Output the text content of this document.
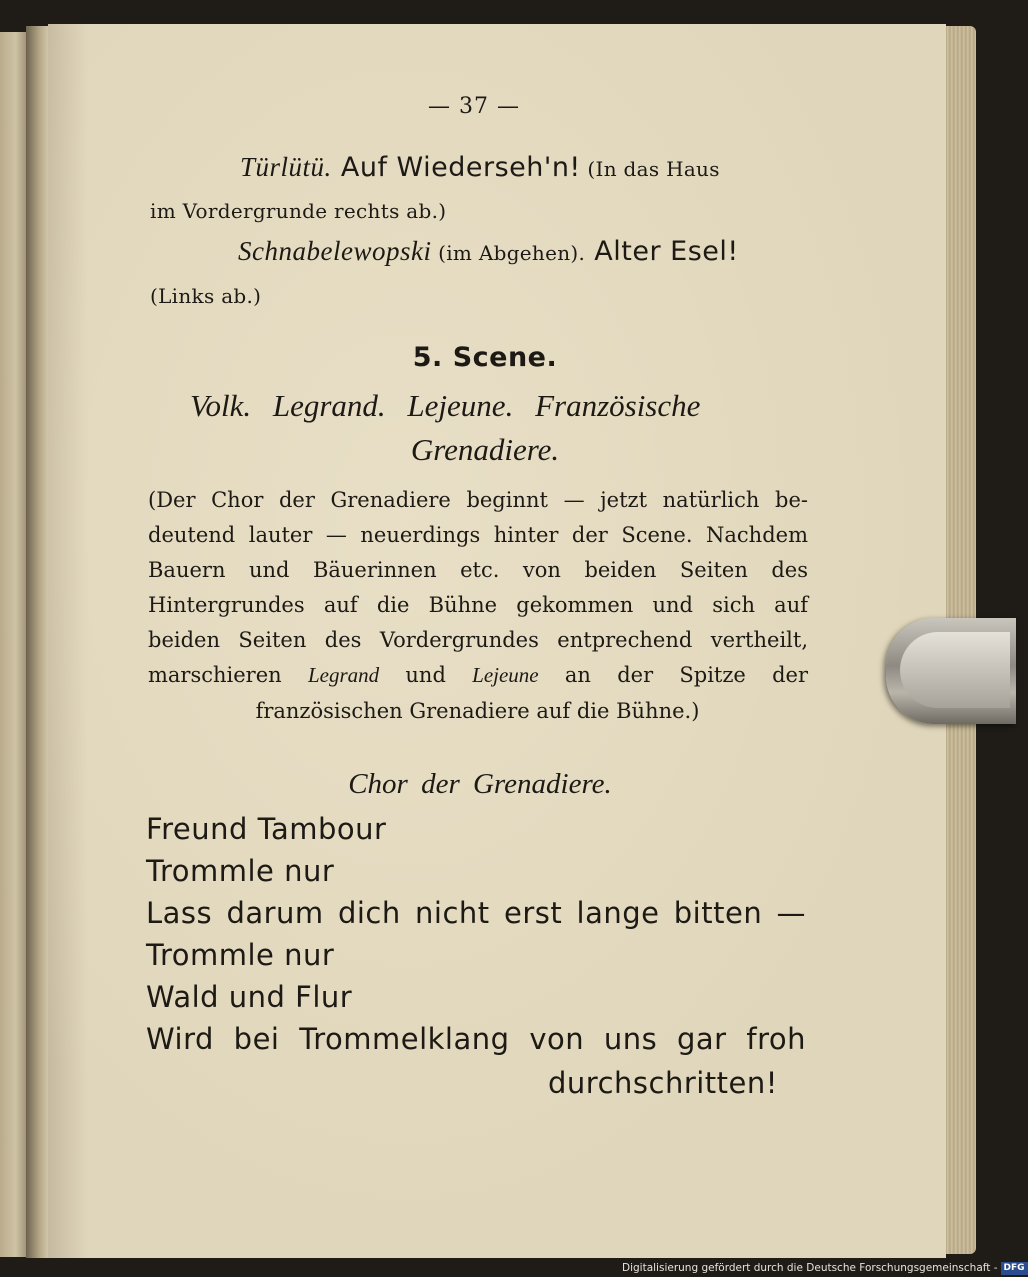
— 37 —

Türlütü. Auf Wiederseh'n! (In das Haus

im Vordergrunde rechts ab.)

Schnabelewopski (im Abgehen). Alter Esel!

(Links ab.)

5. Scene.

Volk. Legrand. Lejeune. Französische

Grenadiere.

(Der Chor der Grenadiere beginnt — jetzt natürlich be-

deutend lauter — neuerdings hinter der Scene. Nachdem

Bauern und Bäuerinnen etc. von beiden Seiten des

Hintergrundes auf die Bühne gekommen und sich auf

beiden Seiten des Vordergrundes entprechend vertheilt,

marschieren Legrand und Lejeune an der Spitze der

französischen Grenadiere auf die Bühne.)

Chor der Grenadiere.

Freund Tambour

Trommle nur

Lass darum dich nicht erst lange bitten —

Trommle nur

Wald und Flur

Wird bei Trommelklang von uns gar froh

durchschritten!

Digitalisierung gefördert durch die Deutsche Forschungsgemeinschaft - DFG
